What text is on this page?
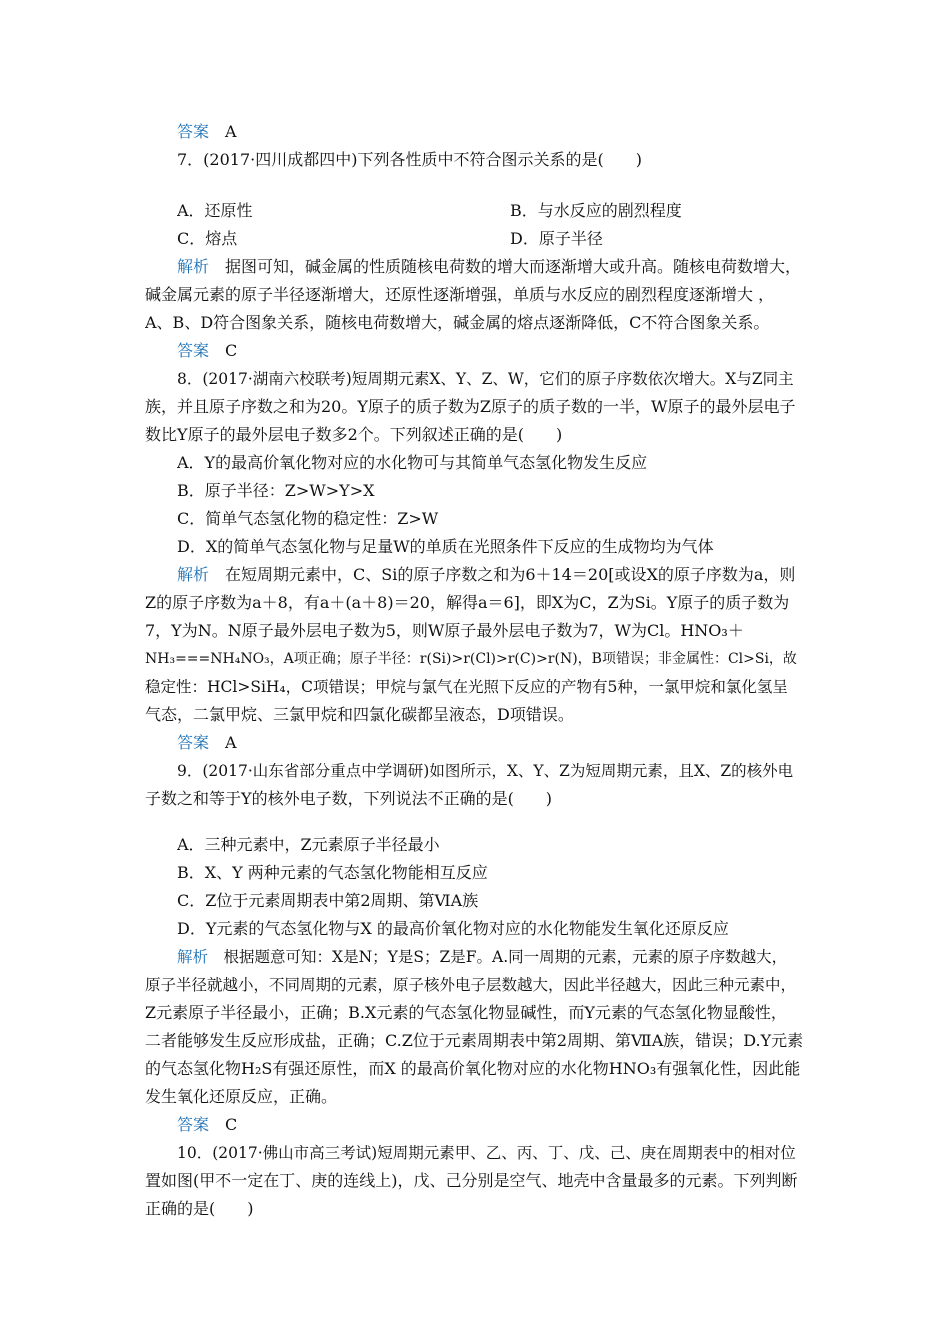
答案　 A
7．(2017·四川成都四中)下列各性质中不符合图示关系的是(　　)
A．还原性	B．与水反应的剧烈程度
C．熔点	D．原子半径
解析　 据图可知，碱金属的性质随核电荷数的增大而逐渐增大或升高。随核电荷数增大，
碱金属元素的原子半径逐渐增大，还原性逐渐增强，单质与水反应的剧烈程度逐渐增大 ，
A、B、D符合图象关系，随核电荷数增大，碱金属的熔点逐渐降低，C不符合图象关系。
答案　 C
8．(2017·湖南六校联考)短周期元素X、Y、Z、W，它们的原子序数依次增大。X与Z同主
族，并且原子序数之和为20。Y原子的质子数为Z原子的质子数的一半，W原子的最外层电子
数比Y原子的最外层电子数多2个。下列叙述正确的是(　　)
A．Y的最高价氧化物对应的水化物可与其简单气态氢化物发生反应
B．原子半径：Z>W>Y>X
C．简单气态氢化物的稳定性：Z>W
D．X的简单气态氢化物与足量W的单质在光照条件下反应的生成物均为气体
解析　 在短周期元素中，C、Si的原子序数之和为6＋14＝20[或设X的原子序数为a，则
Z的原子序数为a＋8，有a＋(a＋8)＝20，解得a＝6]，即X为C，Z为Si。Y原子的质子数为
7，Y为N。N原子最外层电子数为5，则W原子最外层电子数为7，W为Cl。HNO₃＋
NH₃===NH₄NO₃，A项正确；原子半径：r(Si)>r(Cl)>r(C)>r(N)，B项错误；非金属性：Cl>Si，故
稳定性：HCl>SiH₄，C项错误；甲烷与氯气在光照下反应的产物有5种，一氯甲烷和氯化氢呈
气态，二氯甲烷、三氯甲烷和四氯化碳都呈液态，D项错误。
答案　 A
9．(2017·山东省部分重点中学调研)如图所示，X、Y、Z为短周期元素，且X、Z的核外电
子数之和等于Y的核外电子数，下列说法不正确的是(　　)
A．三种元素中，Z元素原子半径最小
B．X、Y 两种元素的气态氢化物能相互反应
C．Z位于元素周期表中第2周期、第ⅥA族
D．Y元素的气态氢化物与X 的最高价氧化物对应的水化物能发生氧化还原反应
解析　 根据题意可知：X是N；Y是S；Z是F。A.同一周期的元素，元素的原子序数越大，
原子半径就越小，不同周期的元素，原子核外电子层数越大，因此半径越大，因此三种元素中，
Z元素原子半径最小，正确；B.X元素的气态氢化物显碱性，而Y元素的气态氢化物显酸性，
二者能够发生反应形成盐，正确；C.Z位于元素周期表中第2周期、第ⅦA族，错误；D.Y元素
的气态氢化物H₂S有强还原性，而X 的最高价氧化物对应的水化物HNO₃有强氧化性，因此能
发生氧化还原反应，正确。
答案　 C
10．(2017·佛山市高三考试)短周期元素甲、乙、丙、丁、戊、己、庚在周期表中的相对位
置如图(甲不一定在丁、庚的连线上)，戊、己分别是空气、地壳中含量最多的元素。下列判断
正确的是(　　)
